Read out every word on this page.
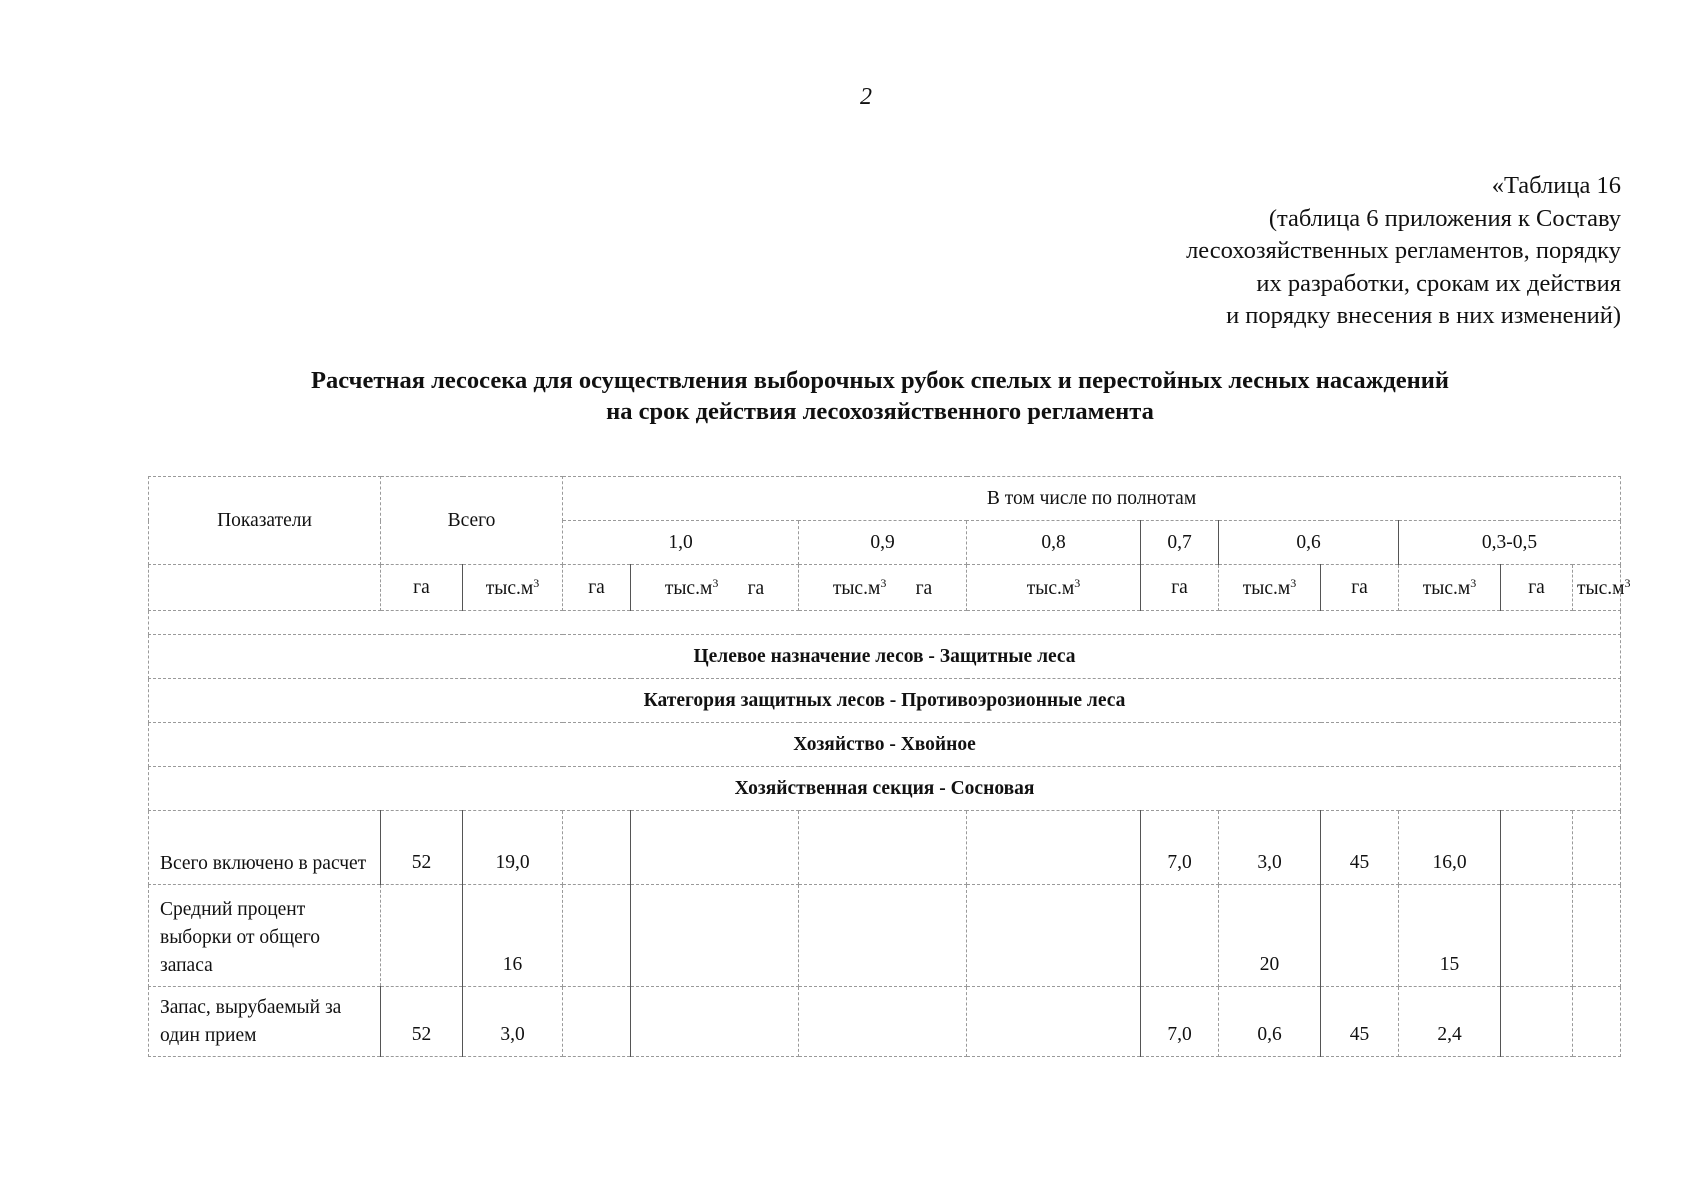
2
«Таблица 16
(таблица 6 приложения к Составу
лесохозяйственных регламентов, порядку
их разработки, срокам их действия
и порядку внесения в них изменений)
Расчетная лесосека для осуществления выборочных рубок спелых и перестойных лесных насаждений
на срок действия лесохозяйственного регламента
Показатели	Всего		В том числе по полнотам									
			1,0		0,9	0,8	0,7	0,6		0,3-0,5		
	га	$тыс.м^3$	га	$тыс.м^3$ га	$тыс.м^3$ га	$тыс.м^3$	га	$тыс.м^3$	га	$тыс.м^3$	га	$тыс.м^3$

Целевое назначение лесов - Защитные леса												
Категория защитных лесов - Противоэрозионные леса												
Хозяйство - Хвойное												
Хозяйственная секция - Сосновая												
Всего включено в расчет	52	19,0					7,0	3,0	45	16,0		
Средний процент выборки от общего запаса		16						20		15		
Запас, вырубаемый за один прием	52	3,0					7,0	0,6	45	2,4		
